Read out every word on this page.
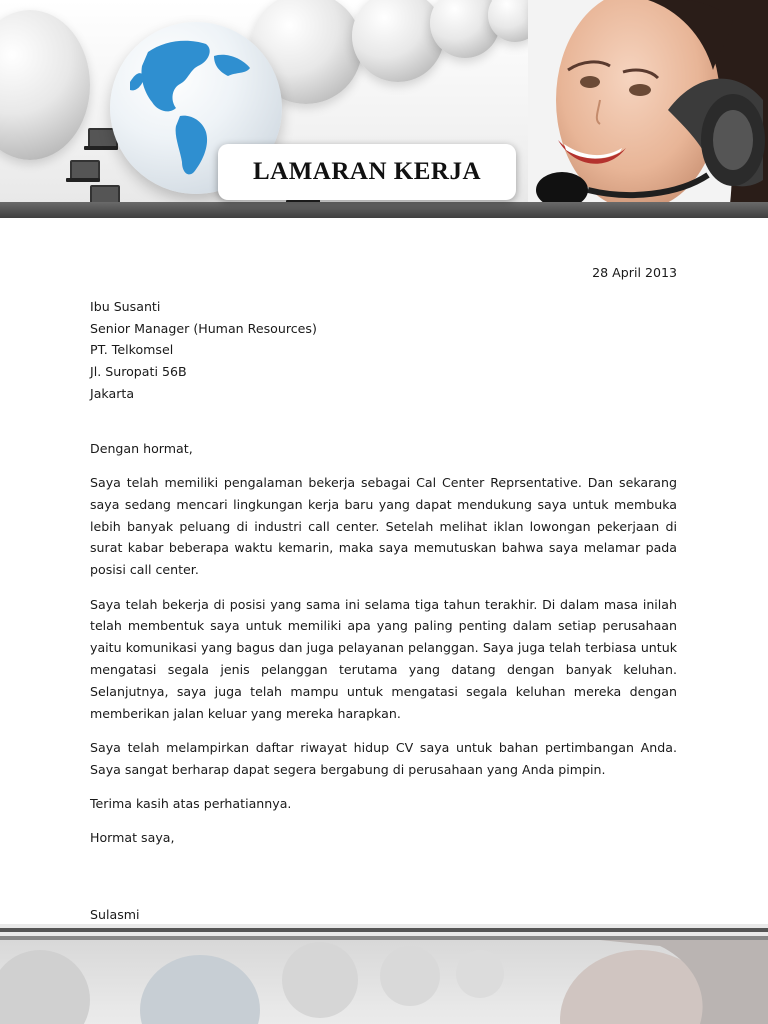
LAMARAN KERJA
28 April 2013
Ibu Susanti
Senior Manager (Human Resources)
PT. Telkomsel
Jl. Suropati 56B
Jakarta

Dengan hormat,

Saya telah memiliki pengalaman bekerja sebagai Cal Center Reprsentative. Dan sekarang saya sedang mencari lingkungan kerja baru yang dapat mendukung saya untuk membuka lebih banyak peluang di industri call center. Setelah melihat iklan lowongan pekerjaan di surat kabar beberapa waktu kemarin, maka saya memutuskan bahwa saya melamar pada posisi call center.

Saya telah bekerja di posisi yang sama ini selama tiga tahun terakhir. Di dalam masa inilah telah membentuk saya untuk memiliki apa yang paling penting dalam setiap perusahaan yaitu komunikasi yang bagus dan juga pelayanan pelanggan. Saya juga telah terbiasa untuk mengatasi segala jenis pelanggan terutama yang datang dengan banyak keluhan. Selanjutnya, saya juga telah mampu untuk mengatasi segala keluhan mereka dengan memberikan jalan keluar yang mereka harapkan.

Saya telah melampirkan daftar riwayat hidup CV saya untuk bahan pertimbangan Anda. Saya sangat berharap dapat segera bergabung di perusahaan yang Anda pimpin.

Terima kasih atas perhatiannya.

Hormat saya,
Sulasmi
